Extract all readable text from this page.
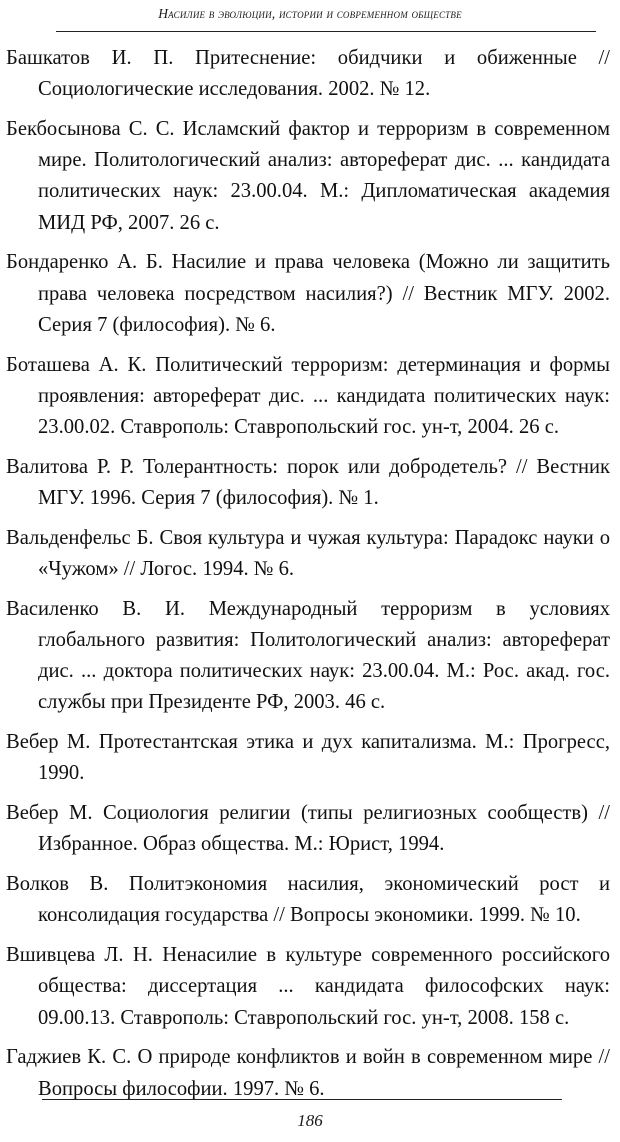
Насилие в эволюции, истории и современном обществе
Башкатов И. П. Притеснение: обидчики и обиженные // Социологические исследования. 2002. № 12.
Бекбосынова С. С. Исламский фактор и терроризм в современном мире. Политологический анализ: автореферат дис. ... кандидата политических наук: 23.00.04. М.: Дипломатическая академия МИД РФ, 2007. 26 с.
Бондаренко А. Б. Насилие и права человека (Можно ли защитить права человека посредством насилия?) // Вестник МГУ. 2002. Серия 7 (философия). № 6.
Боташева А. К. Политический терроризм: детерминация и формы проявления: автореферат дис. ... кандидата политических наук: 23.00.02. Ставрополь: Ставропольский гос. ун-т, 2004. 26 с.
Валитова Р. Р. Толерантность: порок или добродетель? // Вестник МГУ. 1996. Серия 7 (философия). № 1.
Вальденфельс Б. Своя культура и чужая культура: Парадокс науки о «Чужом» // Логос. 1994. № 6.
Василенко В. И. Международный терроризм в условиях глобального развития: Политологический анализ: автореферат дис. ... доктора политических наук: 23.00.04. М.: Рос. акад. гос. службы при Президенте РФ, 2003. 46 с.
Вебер М. Протестантская этика и дух капитализма. М.: Прогресс, 1990.
Вебер М. Социология религии (типы религиозных сообществ) // Избранное. Образ общества. М.: Юрист, 1994.
Волков В. Политэкономия насилия, экономический рост и консолидация государства // Вопросы экономики. 1999. № 10.
Вшивцева Л. Н. Ненасилие в культуре современного российского общества: диссертация ... кандидата философских наук: 09.00.13. Ставрополь: Ставропольский гос. ун-т, 2008. 158 с.
Гаджиев К. С. О природе конфликтов и войн в современном мире // Вопросы философии. 1997. № 6.
186
